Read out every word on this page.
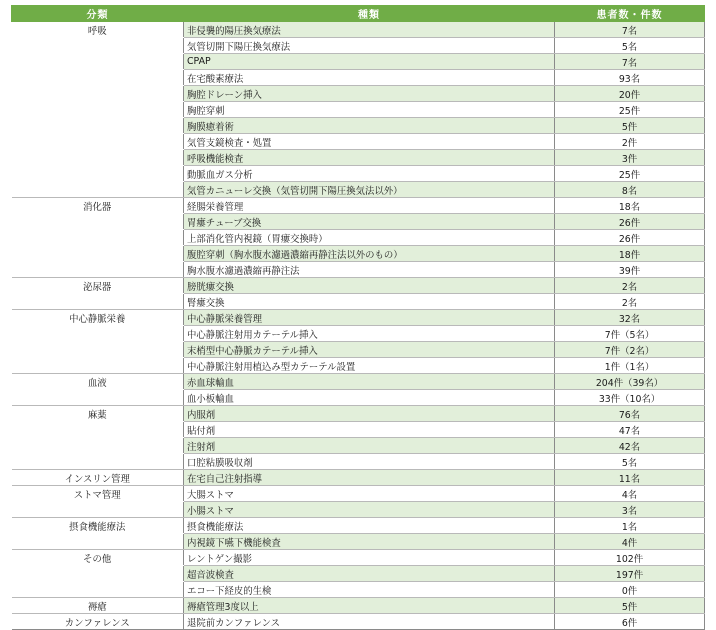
分類	種類	患者数・件数
呼吸	非侵襲的陽圧換気療法	7名
	気管切開下陽圧換気療法	5名
	CPAP	7名
	在宅酸素療法	93名
	胸腔ドレーン挿入	20件
	胸腔穿刺	25件
	胸膜癒着術	5件
	気管支鏡検査・処置	2件
	呼吸機能検査	3件
	動脈血ガス分析	25件
	気管カニューレ交換（気管切開下陽圧換気法以外）	8名
消化器	経腸栄養管理	18名
	胃瘻チューブ交換	26件
	上部消化管内視鏡（胃瘻交換時）	26件
	腹腔穿刺（胸水腹水濾過濃縮再静注法以外のもの）	18件
	胸水腹水濾過濃縮再静注法	39件
泌尿器	膀胱瘻交換	2名
	腎瘻交換	2名
中心静脈栄養	中心静脈栄養管理	32名
	中心静脈注射用カテーテル挿入	7件（5名）
	末梢型中心静脈カテーテル挿入	7件（2名）
	中心静脈注射用植込み型カテーテル設置	1件（1名）
血液	赤血球輸血	204件（39名）
	血小板輸血	33件（10名）
麻薬	内服剤	76名
	貼付剤	47名
	注射剤	42名
	口腔粘膜吸収剤	5名
インスリン管理	在宅自己注射指導	11名
ストマ管理	大腸ストマ	4名
	小腸ストマ	3名
摂食機能療法	摂食機能療法	1名
	内視鏡下嚥下機能検査	4件
その他	レントゲン撮影	102件
	超音波検査	197件
	エコー下経皮的生検	0件
褥瘡	褥瘡管理3度以上	5件
カンファレンス	退院前カンファレンス	6件
